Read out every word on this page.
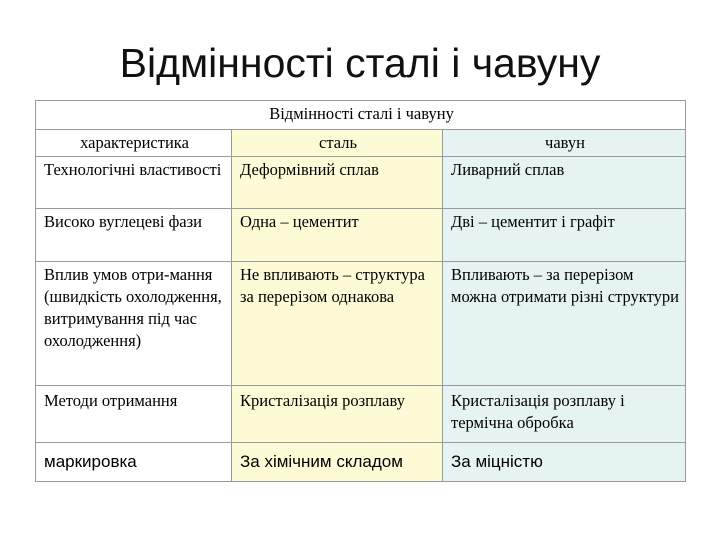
Відмінності сталі і чавуну
Відмінності сталі і чавуну		
характеристика	сталь	чавун
Технологічні властивості	Деформівний сплав	Ливарний сплав
Високо вуглецеві фази	Одна – цементит	Дві – цементит і графіт
Вплив умов отри-мання (швидкість охолодження, витримування під час охолодження)	Не впливають – структура за перерізом однакова	Впливають – за перерізом можна отримати різні структури
Методи отримання	Кристалізація розплаву	Кристалізація розплаву і термічна обробка
маркировка	За хімічним складом	За міцністю
